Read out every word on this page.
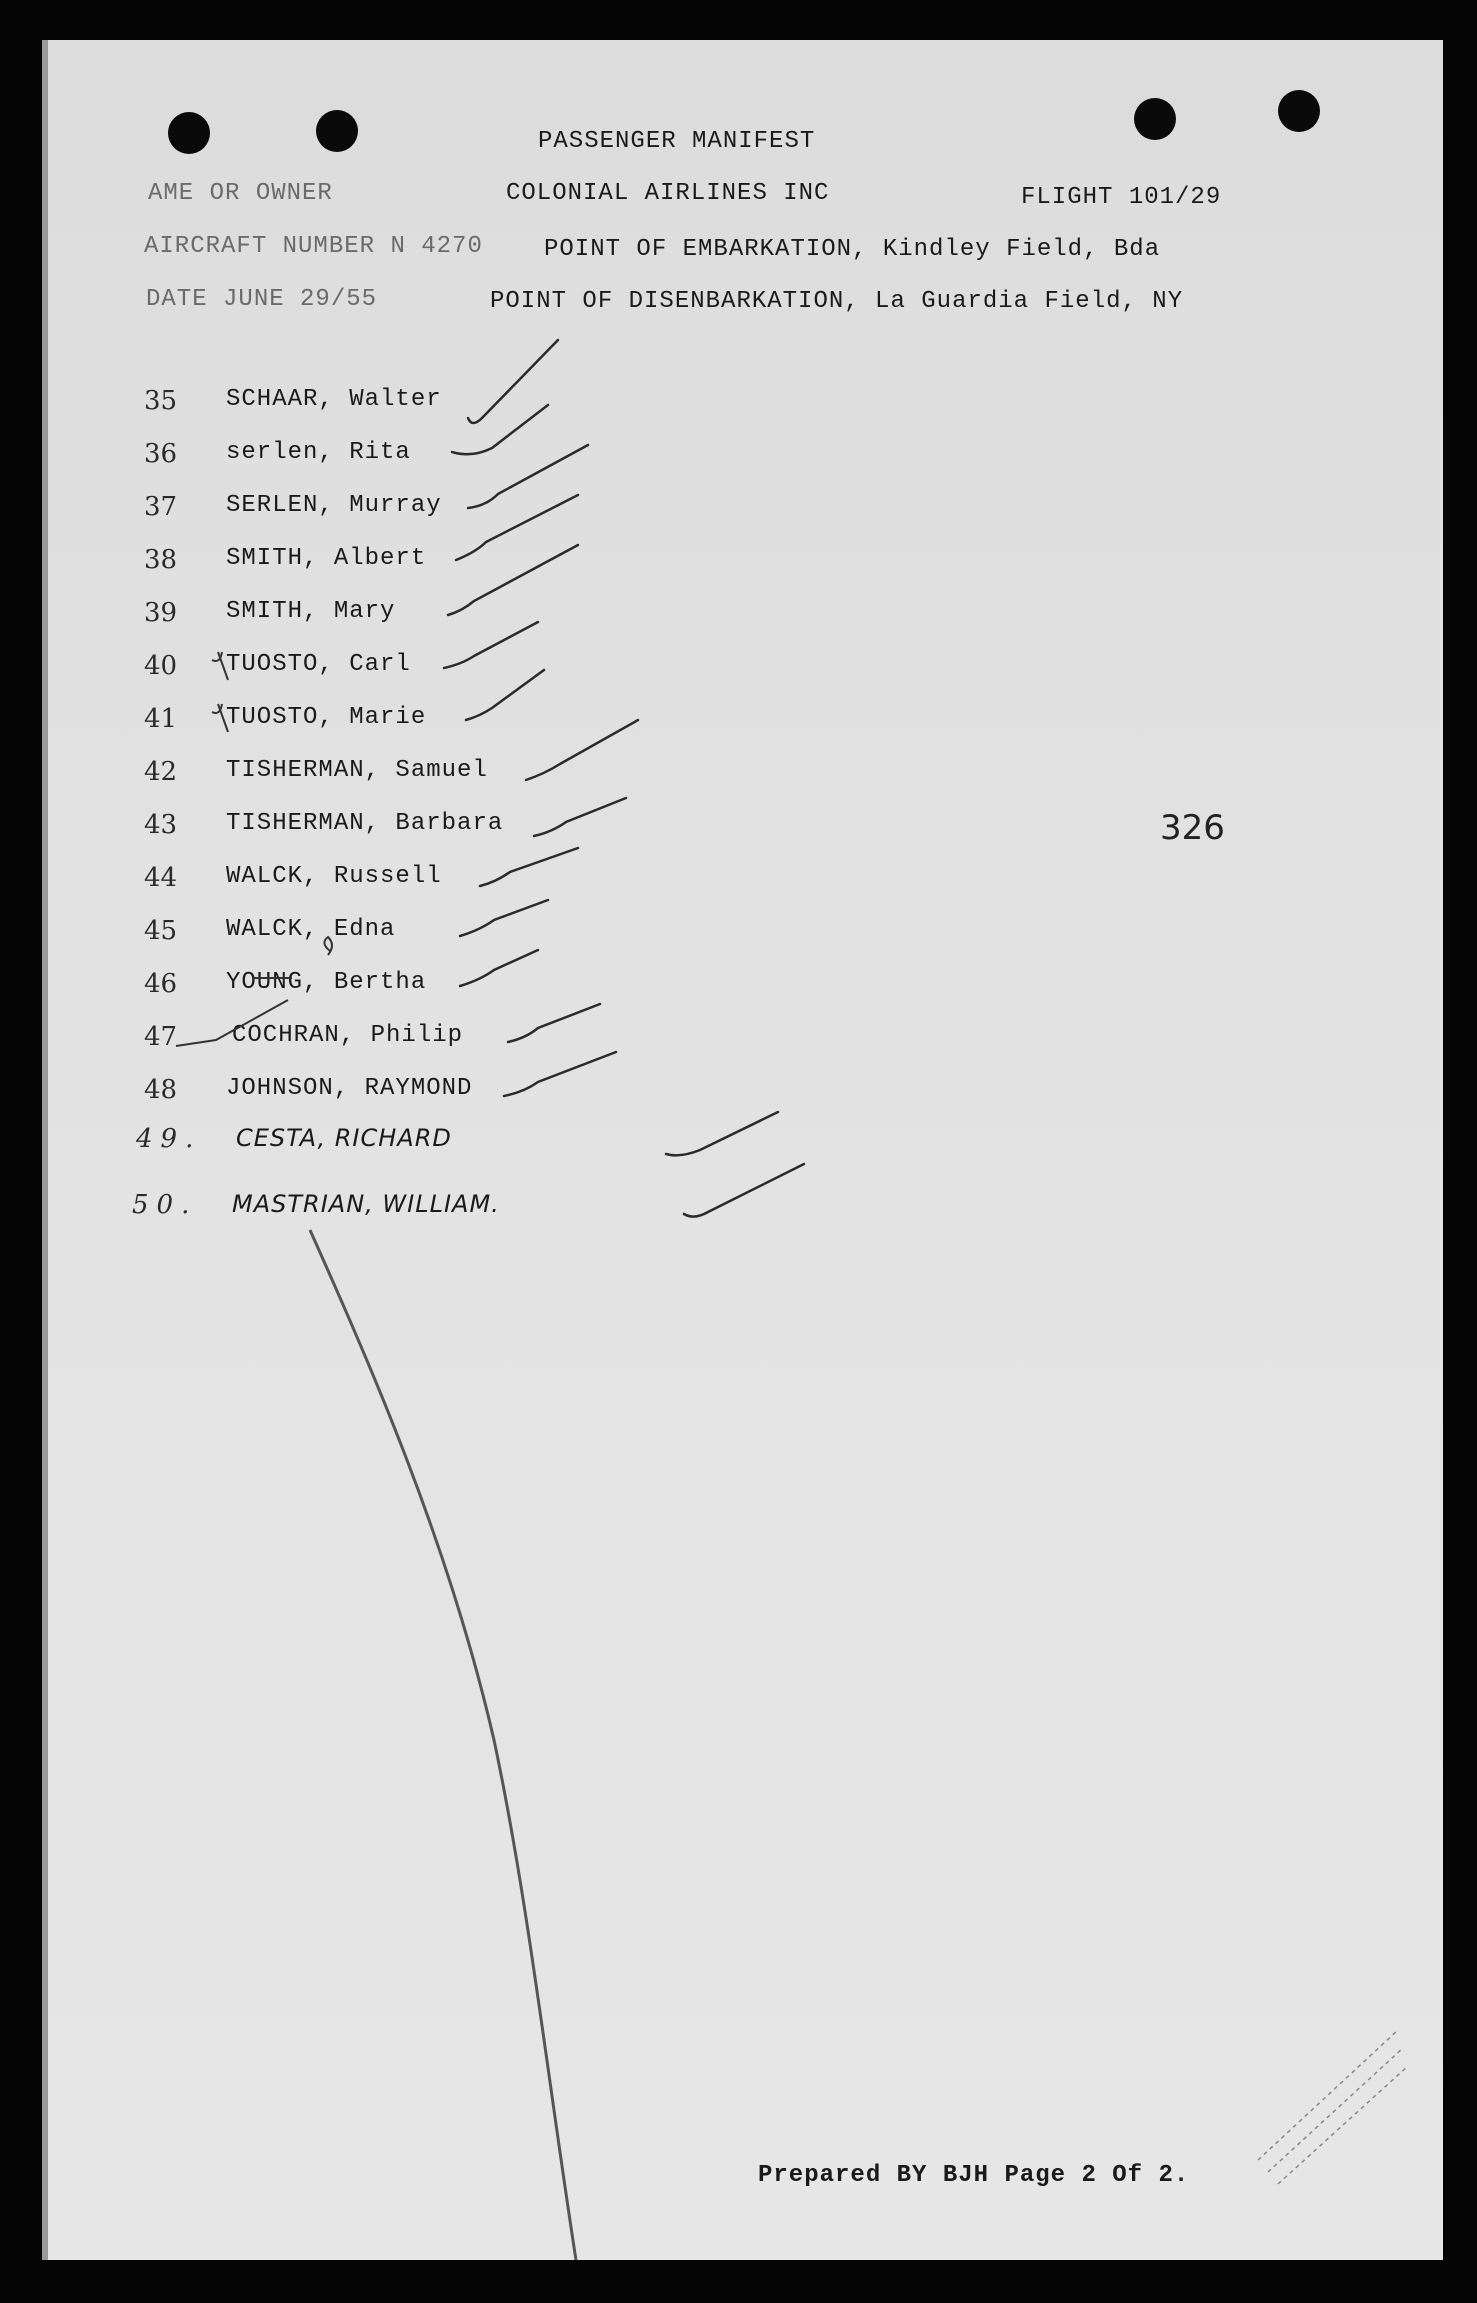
PASSENGER MANIFEST
AME OR OWNER	COLONIAL AIRLINES INC	FLIGHT 101/29
AIRCRAFT NUMBER N 4270	POINT OF EMBARKATION, Kindley Field, Bda
DATE JUNE 29/55	POINT OF DISENBARKATION, La Guardia Field, NY
35 SCHAAR, Walter
36 serlen, Rita
37 SERLEN, Murray
38 SMITH, Albert
39 SMITH, Mary
40 TUOSTO, Carl
41 TUOSTO, Marie
42 TISHERMAN, Samuel
43 TISHERMAN, Barbara
44 WALCK, Russell
45 WALCK, Edna
46 YOUNG, Bertha
47 COCHRAN, Philip
48 JOHNSON, RAYMOND
49. CESTA, RICHARD
50. MASTRIAN, WILLIAM.
326
Prepared BY BJH Page 2 Of 2.
